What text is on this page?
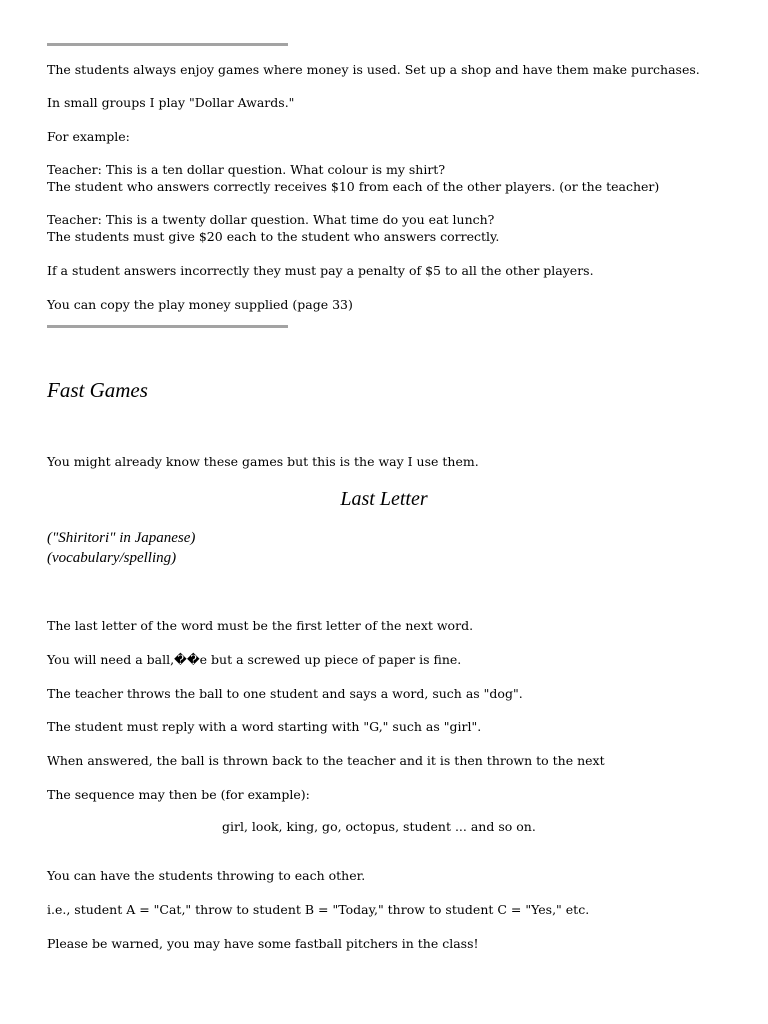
The students always enjoy games where money is used. Set up a shop and have them make purchases.

In small groups I play "Dollar Awards."

For example:

Teacher: This is a ten dollar question. What colour is my shirt?

The student who answers correctly receives $10 from each of the other players. (or the teacher)

Teacher: This is a twenty dollar question. What time do you eat lunch?

The students must give $20 each to the student who answers correctly.

If a student answers incorrectly they must pay a penalty of $5 to all the other players.

You can copy the play money supplied (page 33)

Fast Games

You might already know these games but this is the way I use them.

Last Letter

("Shiritori" in Japanese)

(vocabulary/spelling)

The last letter of the word must be the first letter of the next word.

You will need a ball,��e but a screwed up piece of paper is fine.

The teacher throws the ball to one student and says a word, such as "dog".

The student must reply with a word starting with "G," such as "girl".

When answered, the ball is thrown back to the teacher and it is then thrown to the next

The sequence may then be (for example):

girl, look, king, go, octopus, student ... and so on.

You can have the students throwing to each other.

i.e., student A = "Cat," throw to student B = "Today," throw to student C = "Yes," etc.

Please be warned, you may have some fastball pitchers in the class!
